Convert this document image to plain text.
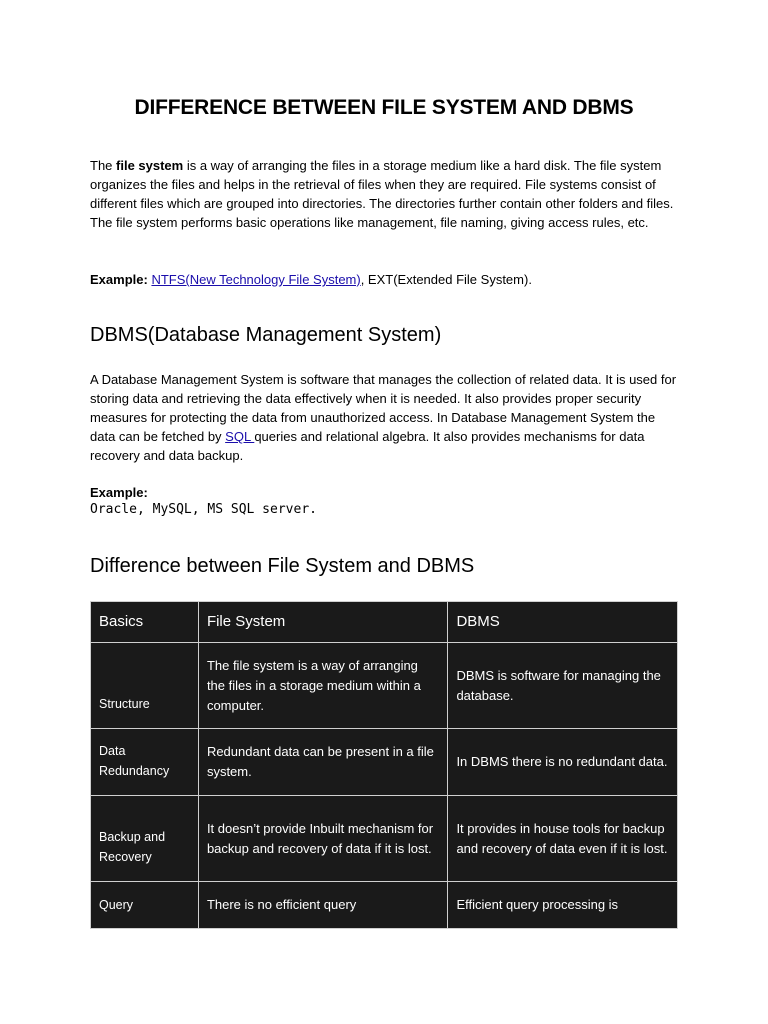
DIFFERENCE BETWEEN FILE SYSTEM AND DBMS
The file system is a way of arranging the files in a storage medium like a hard disk. The file system organizes the files and helps in the retrieval of files when they are required. File systems consist of different files which are grouped into directories. The directories further contain other folders and files. The file system performs basic operations like management, file naming, giving access rules, etc.
Example: NTFS(New Technology File System), EXT(Extended File System).
DBMS(Database Management System)
A Database Management System is software that manages the collection of related data. It is used for storing data and retrieving the data effectively when it is needed. It also provides proper security measures for protecting the data from unauthorized access. In Database Management System the data can be fetched by SQL queries and relational algebra. It also provides mechanisms for data recovery and data backup.
Example:
Oracle, MySQL, MS SQL server.
Difference between File System and DBMS
Basics	File System	DBMS
Structure	The file system is a way of arranging the files in a storage medium within a computer.	DBMS is software for managing the database.
Data Redundancy	Redundant data can be present in a file system.	In DBMS there is no redundant data.
Backup and Recovery	It doesn’t provide Inbuilt mechanism for backup and recovery of data if it is lost.	It provides in house tools for backup and recovery of data even if it is lost.
Query	There is no efficient query	Efficient query processing is
